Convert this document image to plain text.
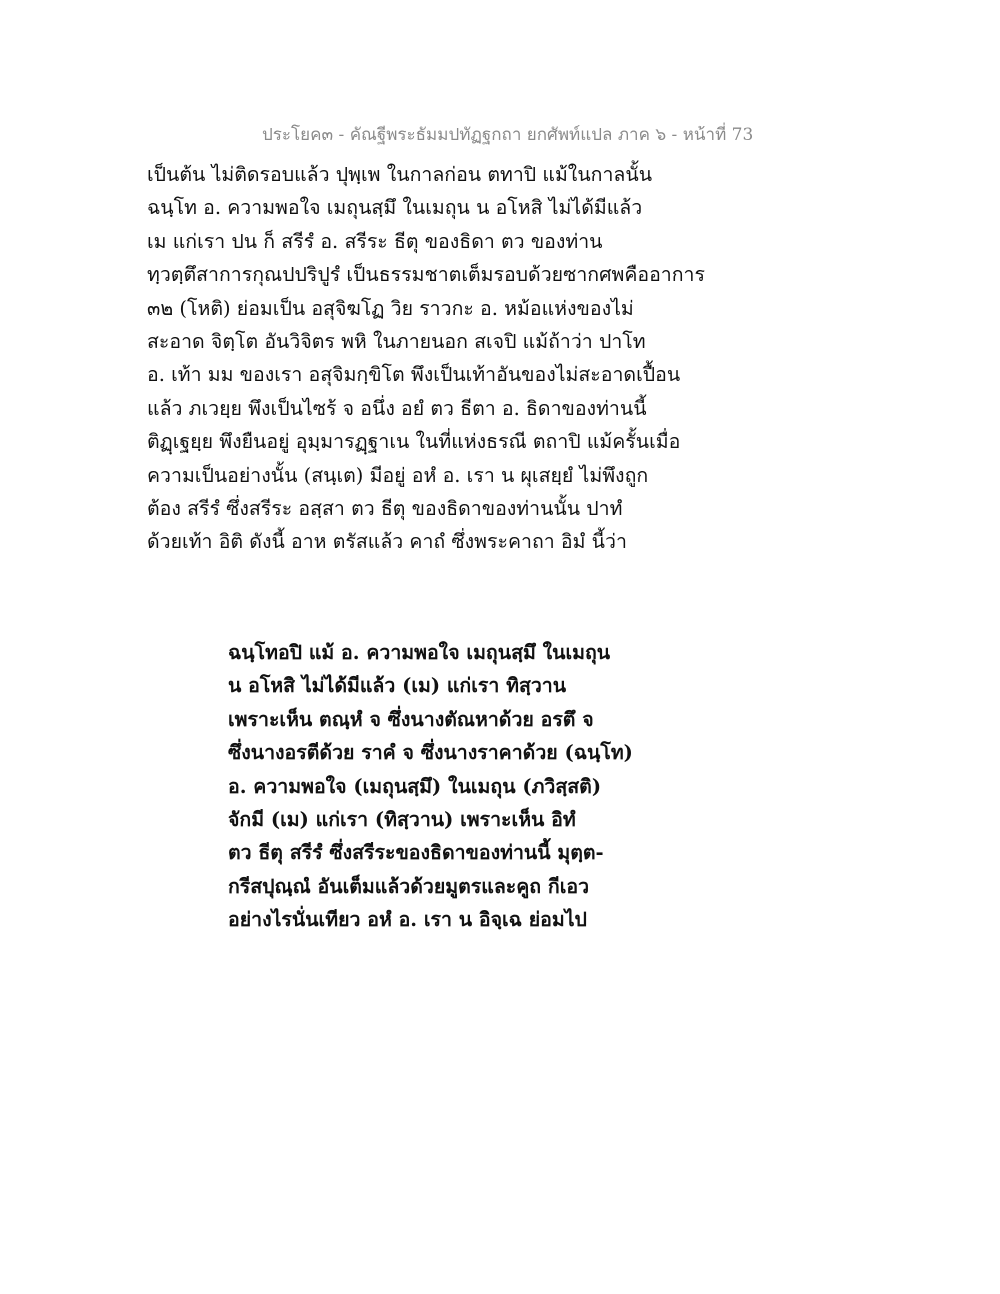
ประโยค๓ - คัณฐีพระธัมมปทัฏฐกถา ยกศัพท์แปล ภาค ๖ - หน้าที่ 73
เป็นต้น ไม่ติดรอบแล้ว ปุพฺเพ ในกาลก่อน ตทาปิ แม้ในกาลนั้น
ฉนฺโท อ. ความพอใจ เมถุนสฺมึ ในเมถุน น อโหสิ ไม่ได้มีแล้ว
เม แก่เรา ปน ก็ สรีรํ อ. สรีระ ธีตุ ของธิดา ตว ของท่าน
ทฺวตฺตึสาการกุณปปริปูรํ เป็นธรรมชาตเต็มรอบด้วยซากศพคืออาการ
๓๒ (โหติ) ย่อมเป็น อสุจิฆโฏ วิย ราวกะ อ. หม้อแห่งของไม่
สะอาด จิตฺโต อันวิจิตร พหิ ในภายนอก สเจปิ แม้ถ้าว่า ปาโท
อ. เท้า มม ของเรา อสุจิมกฺขิโต พึงเป็นเท้าอันของไม่สะอาดเปื้อน
แล้ว ภเวยฺย พึงเป็นไซร้ จ อนึ่ง อยํ ตว ธีตา อ. ธิดาของท่านนี้
ติฏฺเฐยฺย พึงยืนอยู่ อุมฺมารฏฺฐาเน ในที่แห่งธรณี ตถาปิ แม้ครั้นเมื่อ
ความเป็นอย่างนั้น (สนฺเต) มีอยู่ อหํ อ. เรา น ผุเสยฺยํ ไม่พึงถูก
ต้อง สรีรํ ซึ่งสรีระ อสฺสา ตว ธีตุ ของธิดาของท่านนั้น ปาทํ
ด้วยเท้า อิติ ดังนี้ อาห ตรัสแล้ว คาถํ ซึ่งพระคาถา อิมํ นี้ว่า
ฉนฺโทอปิ แม้ อ. ความพอใจ เมถุนสฺมึ ในเมถุน
น อโหสิ ไม่ได้มีแล้ว (เม) แก่เรา ทิสฺวาน
เพราะเห็น ตณฺหํ จ ซึ่งนางตัณหาด้วย อรตึ จ
ซึ่งนางอรตีด้วย ราคํ จ ซึ่งนางราคาด้วย (ฉนฺโท)
อ. ความพอใจ (เมถุนสฺมึ) ในเมถุน (ภวิสฺสติ)
จักมี (เม) แก่เรา (ทิสฺวาน) เพราะเห็น อิทํ
ตว ธีตุ สรีรํ ซึ่งสรีระของธิดาของท่านนี้ มุตฺต-
กรีสปุณฺณํ อันเต็มแล้วด้วยมูตรและคูถ กีเอว
อย่างไรนั่นเทียว อหํ อ. เรา น อิจฺเฉ ย่อมไป
